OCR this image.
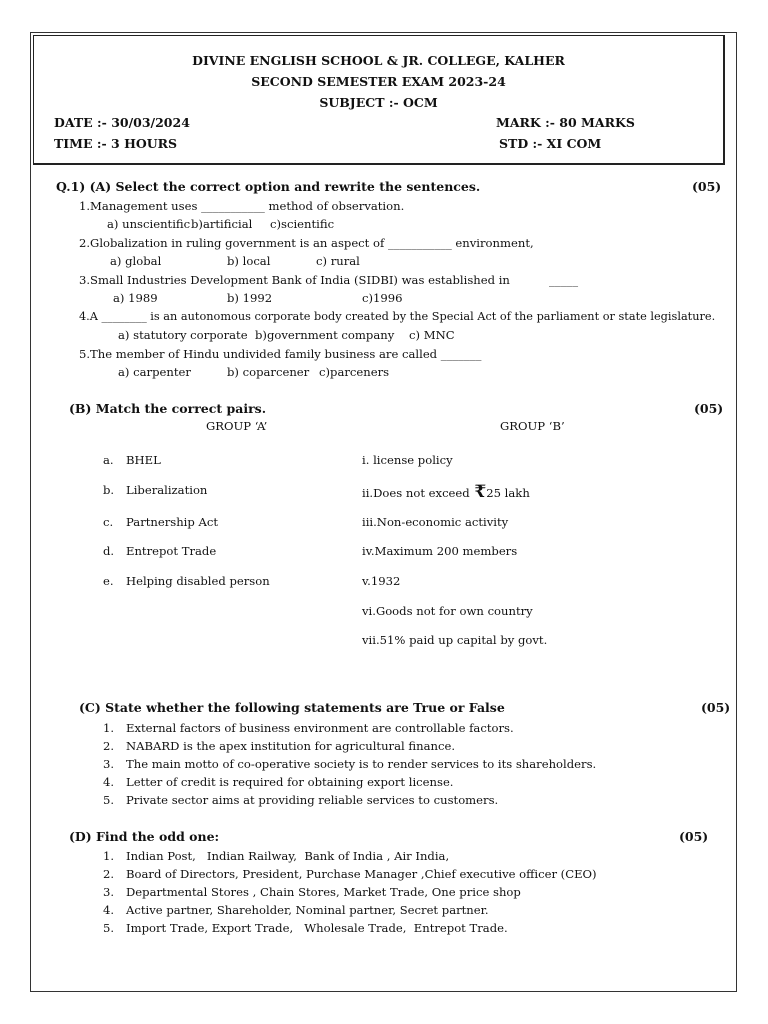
DIVINE ENGLISH SCHOOL & JR. COLLEGE, KALHER
SECOND SEMESTER EXAM 2023-24
SUBJECT :- OCM
DATE :- 30/03/2024
TIME :- 3 HOURS
MARK :- 80 MARKS
STD :- XI COM
Q.1) (A) Select the correct option and rewrite the sentences.	(05)
1.Management uses ___________ method of observation.
a) unscientific b)artificial c)scientific
2.Globalization in ruling government is an aspect of ___________ environment,
a) global	b) local	c) rural
3.Small Industries Development Bank of India (SIDBI) was established in	_____
a) 1989	b) 1992	c)1996
4.A ________ is an autonomous corporate body created by the Special Act of the parliament or state legislature.
a) statutory corporate b)government company c) MNC
5.The member of Hindu undivided family business are called _______
a) carpenter	b) coparcener c)parceners
(B) Match the correct pairs.	(05)
GROUP ‘A’	GROUP ‘B’
a. BHEL
b. Liberalization
c. Partnership Act
d. Entrepot Trade
e. Helping disabled person
i. license policy
ii.Does not exceed ₹25 lakh
iii.Non-economic activity
iv.Maximum 200 members
v.1932
vi.Goods not for own country
vii.51% paid up capital by govt.
(C) State whether the following statements are True or False	(05)
1. External factors of business environment are controllable factors.
2. NABARD is the apex institution for agricultural finance.
3. The main motto of co-operative society is to render services to its shareholders.
4. Letter of credit is required for obtaining export license.
5. Private sector aims at providing reliable services to customers.
(D) Find the odd one:	(05)
1. Indian Post,   Indian Railway,  Bank of India , Air India,
2. Board of Directors, President, Purchase Manager ,Chief executive officer (CEO)
3. Departmental Stores , Chain Stores, Market Trade, One price shop
4. Active partner, Shareholder, Nominal partner, Secret partner.
5. Import Trade, Export Trade,   Wholesale Trade,  Entrepot Trade.
